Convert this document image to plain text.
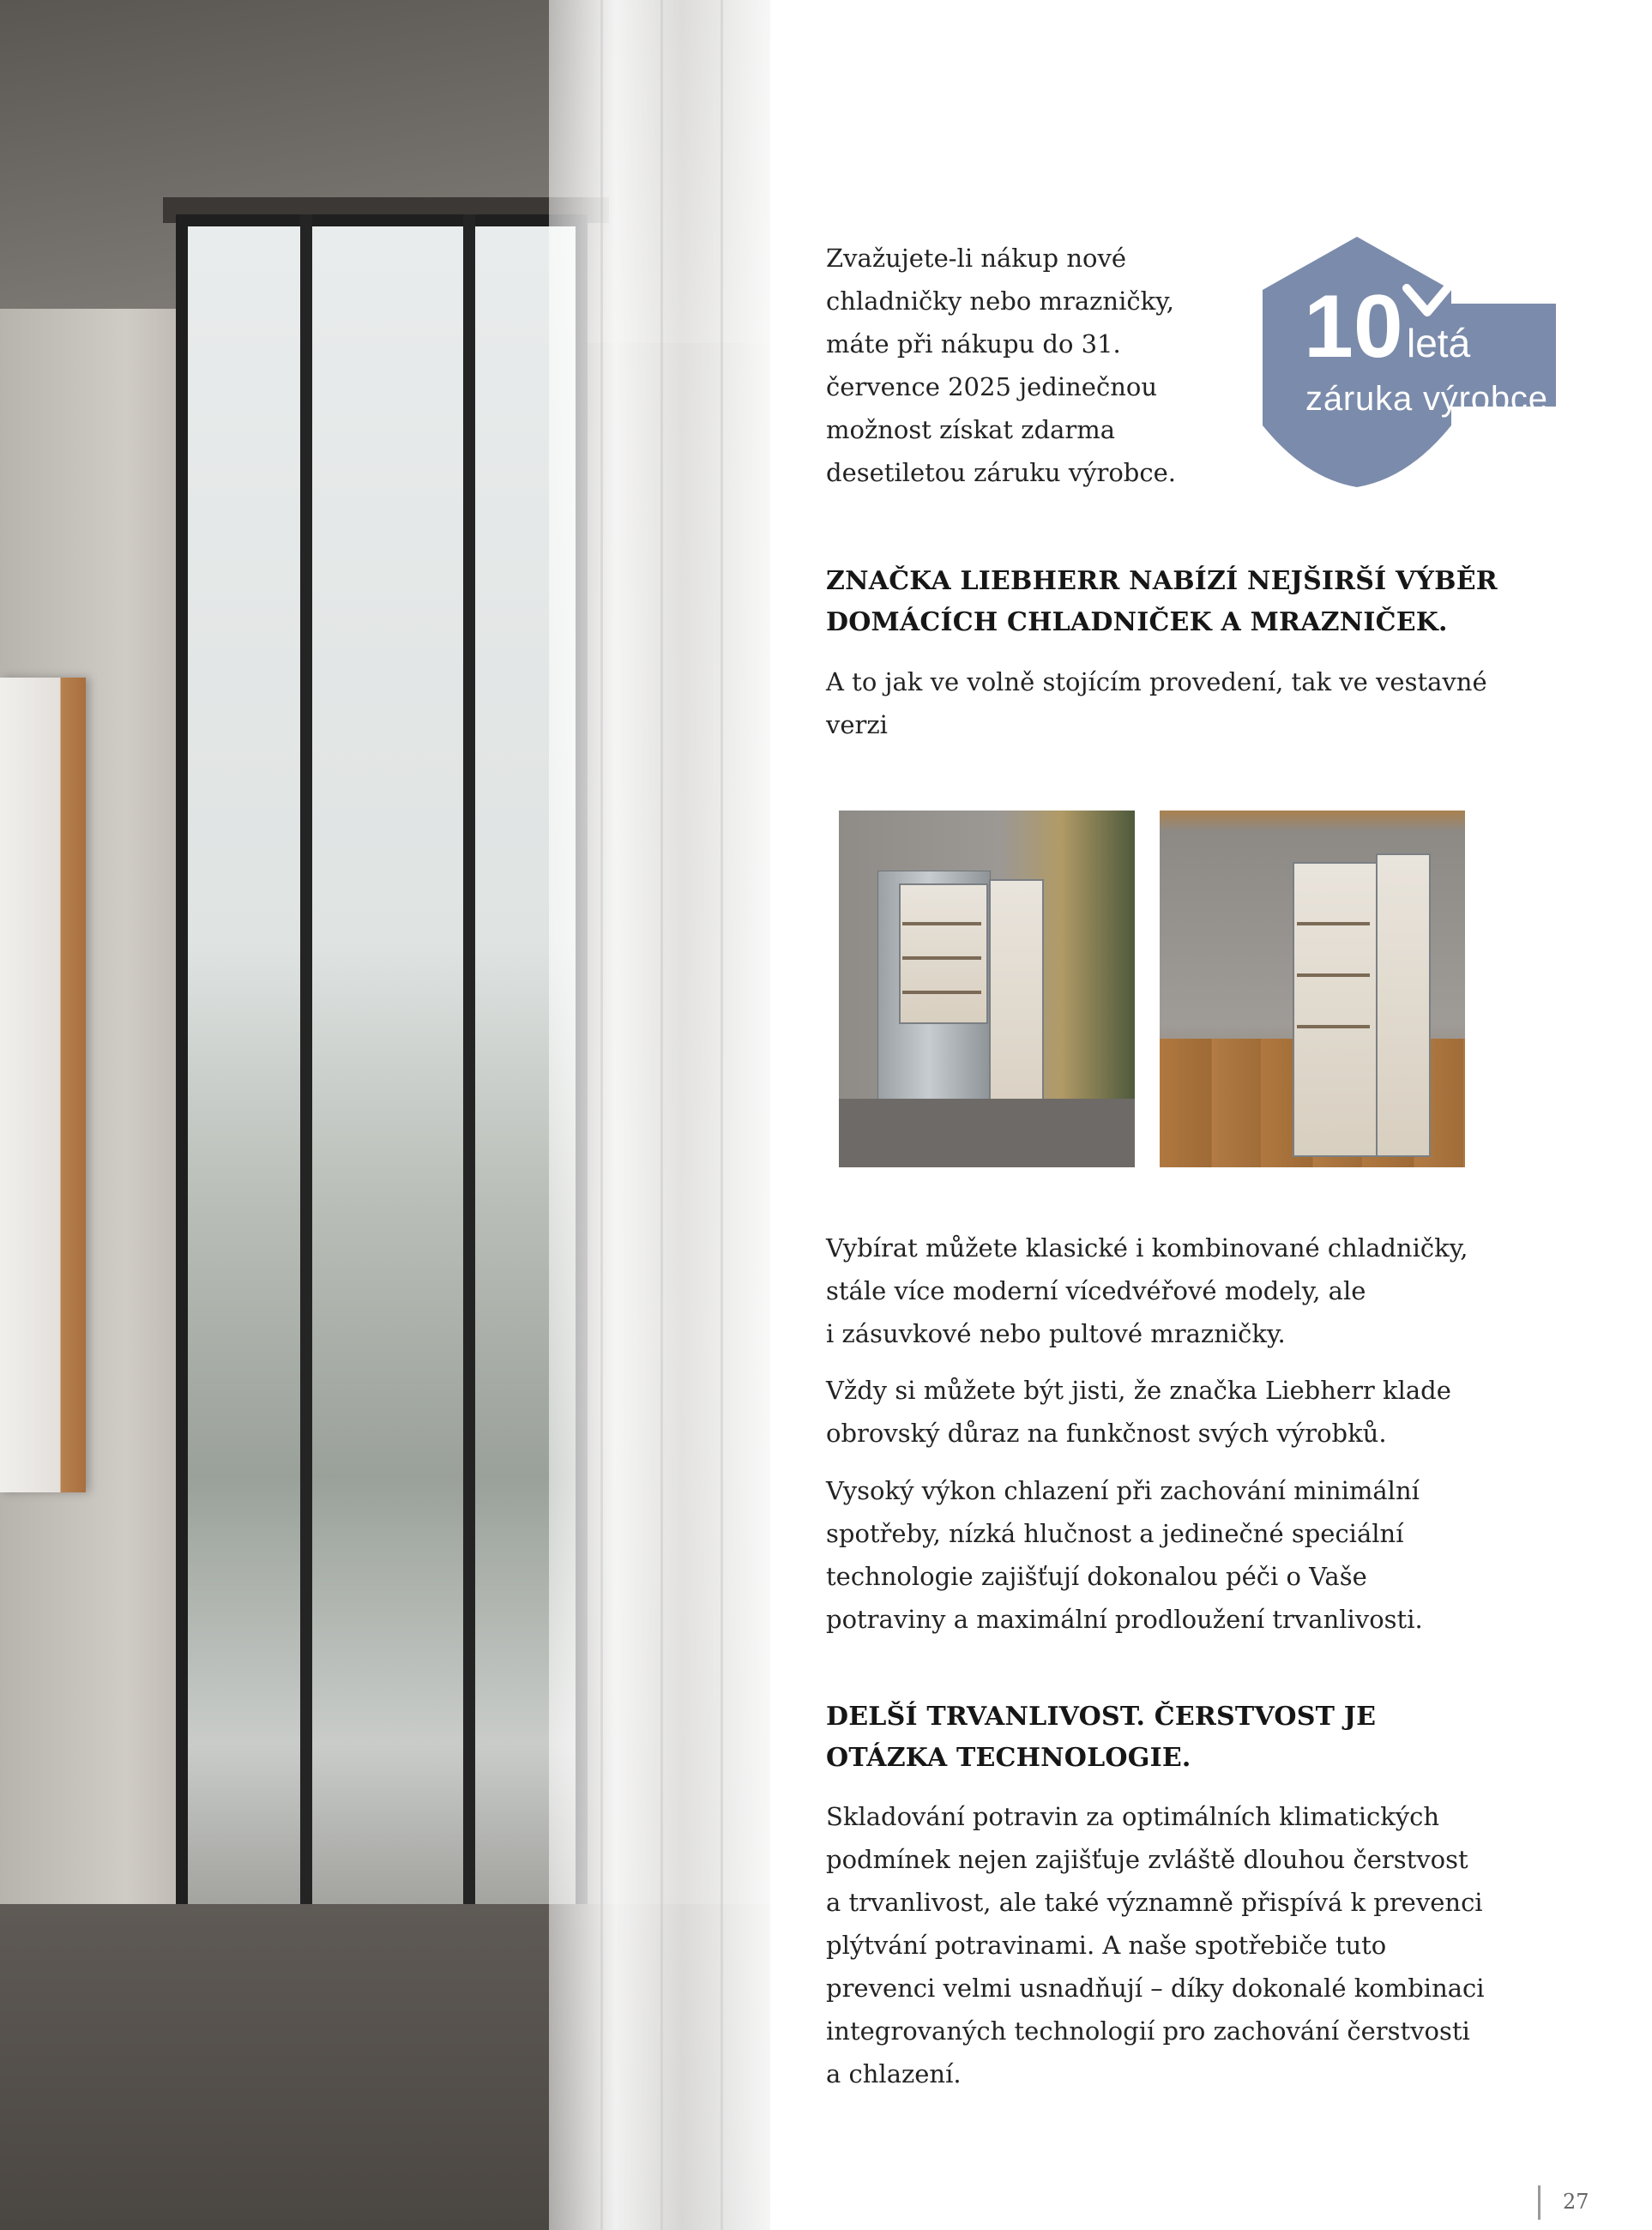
Zvažujete-li nákup nové
chladničky nebo mrazničky,
máte při nákupu do 31.
července 2025 jedinečnou
možnost získat zdarma
desetiletou záruku výrobce.

10 letá
záruka výrobce
ZNAČKA LIEBHERR NABÍZÍ NEJŠIRŠÍ VÝBĚR
DOMÁCÍCH CHLADNIČEK A MRAZNIČEK.

A to jak ve volně stojícím provedení, tak ve vestavné
verzi

Vybírat můžete klasické i kombinované chladničky,
stále více moderní vícedvéřové modely, ale
i zásuvkové nebo pultové mrazničky.

Vždy si můžete být jisti, že značka Liebherr klade
obrovský důraz na funkčnost svých výrobků.

Vysoký výkon chlazení při zachování minimální
spotřeby, nízká hlučnost a jedinečné speciální
technologie zajišťují dokonalou péči o Vaše
potraviny a maximální prodloužení trvanlivosti.

DELŠÍ TRVANLIVOST. ČERSTVOST JE
OTÁZKA TECHNOLOGIE.

Skladování potravin za optimálních klimatických
podmínek nejen zajišťuje zvláště dlouhou čerstvost
a trvanlivost, ale také významně přispívá k prevenci
plýtvání potravinami. A naše spotřebiče tuto
prevenci velmi usnadňují – díky dokonalé kombinaci
integrovaných technologií pro zachování čerstvosti
a chlazení.

27
